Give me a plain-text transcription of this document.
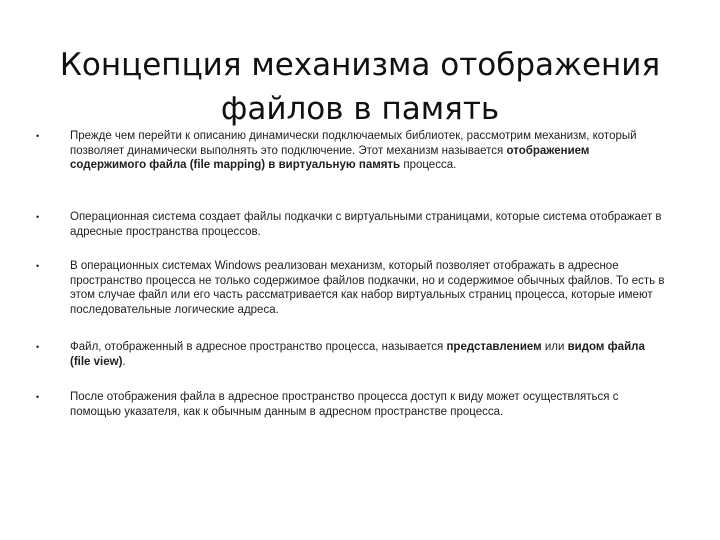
Концепция механизма отображения
файлов в память
•	Прежде чем перейти к описанию динамически подключаемых библиотек, рассмотрим механизм, который позволяет динамически выполнять это подключение. Этот механизм называется отображением содержимого файла (file mapping) в виртуальную память процесса.
•	Операционная система создает файлы подкачки с виртуальными страницами, которые система отображает в адресные пространства процессов.
•	В операционных системах Windows реализован механизм, который позволяет отображать в адресное пространство процесса не только содержимое файлов подкачки, но и содержимое обычных файлов. То есть в этом случае файл или его часть рассматривается как набор виртуальных страниц процесса, которые имеют последовательные логические адреса.
•	Файл, отображенный в адресное пространство процесса, называется представлением или видом файла (file view).
•	После отображения файла в адресное пространство процесса доступ к виду может осуществляться с помощью указателя, как к обычным данным в адресном пространстве процесса.
